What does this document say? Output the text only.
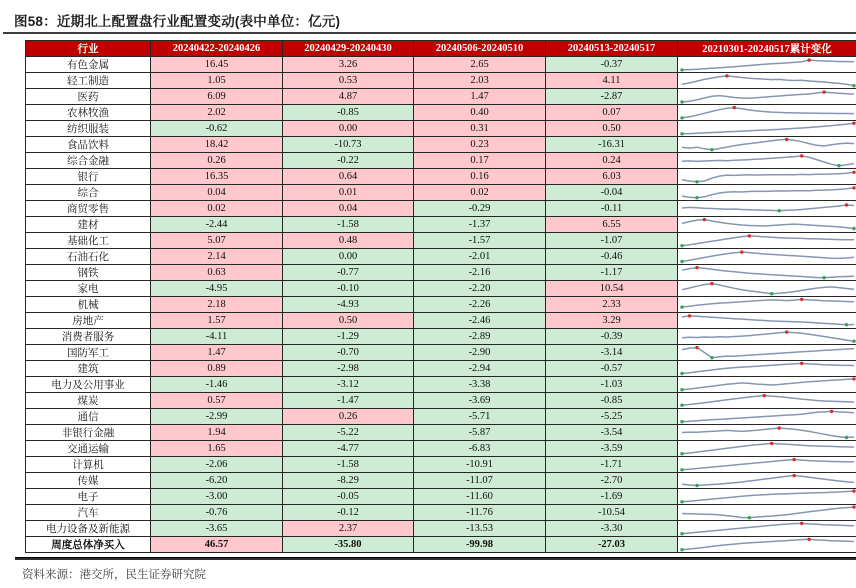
图58：近期北上配置盘行业配置变动(表中单位：亿元)
行业	20240422-20240426	20240429-20240430	20240506-20240510	20240513-20240517	20210301-20240517累计变化
有色金属	16.45	3.26	2.65	-0.37	

轻工制造	1.05	0.53	2.03	4.11	

医药	6.09	4.87	1.47	-2.87	

农林牧渔	2.02	-0.85	0.40	0.07	

纺织服装	-0.62	0.00	0.31	0.50	

食品饮料	18.42	-10.73	0.23	-16.31	

综合金融	0.26	-0.22	0.17	0.24	

银行	16.35	0.64	0.16	6.03	

综合	0.04	0.01	0.02	-0.04	

商贸零售	0.02	0.04	-0.29	-0.11	

建材	-2.44	-1.58	-1.37	6.55	

基础化工	5.07	0.48	-1.57	-1.07	

石油石化	2.14	0.00	-2.01	-0.46	

钢铁	0.63	-0.77	-2.16	-1.17	

家电	-4.95	-0.10	-2.20	10.54	

机械	2.18	-4.93	-2.26	2.33	

房地产	1.57	0.50	-2.46	3.29	

消费者服务	-4.11	-1.29	-2.89	-0.39	

国防军工	1.47	-0.70	-2.90	-3.14	

建筑	0.89	-2.98	-2.94	-0.57	

电力及公用事业	-1.46	-3.12	-3.38	-1.03	

煤炭	0.57	-1.47	-3.69	-0.85	

通信	-2.99	0.26	-5.71	-5.25	

非银行金融	1.94	-5.22	-5.87	-3.54	

交通运输	1.65	-4.77	-6.83	-3.59	

计算机	-2.06	-1.58	-10.91	-1.71	

传媒	-6.20	-8.29	-11.07	-2.70	

电子	-3.00	-0.05	-11.60	-1.69	

汽车	-0.76	-0.12	-11.76	-10.54	

电力设备及新能源	-3.65	2.37	-13.53	-3.30	

周度总体净买入	46.57	-35.80	-99.98	-27.03	
资料来源：港交所，民生证券研究院
